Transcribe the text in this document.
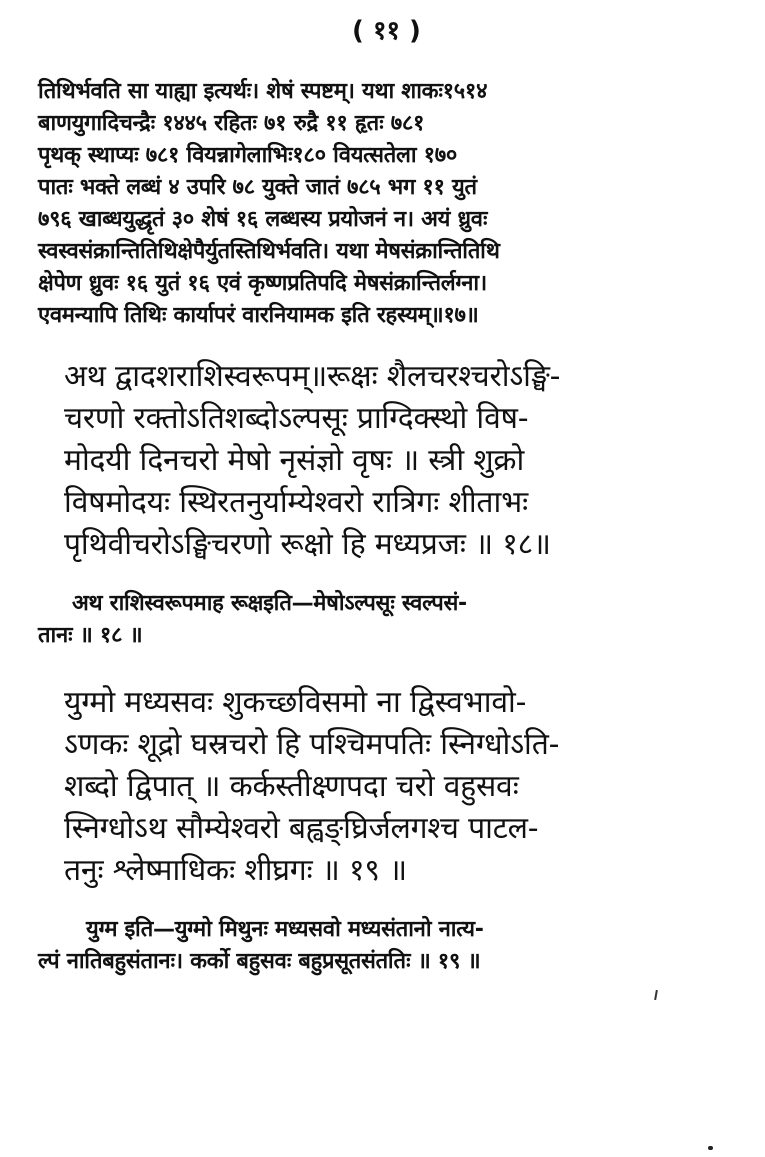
( ११ )

तिथिर्भवति सा याह्या इत्यर्थः। शेषं स्पष्टम्। यथा शाकः१५१४

बाणयुगादिचन्द्रैः १४४५ रहितः ७१ रुद्रै ११ हृतः ७८१

पृथक् स्थाप्यः ७८१ वियन्नागेलाभिः१८० वियत्सतेला १७०

पातः भक्ते लब्धं ४ उपरि ७८ युक्ते जातं ७८५ भग ११ युतं

७९६ खाब्धयुद्धृतं ३० शेषं १६ लब्धस्य प्रयोजनं न। अयं ध्रुवः

स्वस्वसंक्रान्तितिथिक्षेपैर्युतस्तिथिर्भवति। यथा मेषसंक्रान्तितिथि

क्षेपेण ध्रुवः १६ युतं १६ एवं कृष्णप्रतिपदि मेषसंक्रान्तिर्लग्ना।

एवमन्यापि तिथिः कार्यापरं वारनियामक इति रहस्यम्॥१७॥

अथ द्वादशराशिस्वरूपम्॥रूक्षः शैलचरश्चरोऽङ्घि-

चरणो रक्तोऽतिशब्दोऽल्पसूः प्राग्दिक्स्थो विष-

मोदयी दिनचरो मेषो नृसंज्ञो वृषः ॥ स्त्री शुक्रो

विषमोदयः स्थिरतनुर्याम्येश्वरो रात्रिगः शीताभः

पृथिवीचरोऽङ्घिचरणो रूक्षो हि मध्यप्रजः ॥ १८॥

अथ राशिस्वरूपमाह रूक्षइति—मेषोऽल्पसूः स्वल्पसं-

तानः ॥ १८ ॥

युग्मो मध्यसवः शुकच्छविसमो ना द्विस्वभावो-

ऽणकः शूद्रो घस्रचरो हि पश्चिमपतिः स्निग्धोऽति-

शब्दो द्विपात् ॥ कर्कस्तीक्ष्णपदा चरो वहुसवः

स्निग्धोऽथ सौम्येश्वरो बह्वङ्घ्रिर्जलगश्च पाटल-

तनुः श्लेष्माधिकः शीघ्रगः ॥ १९ ॥

युग्म इति—युग्मो मिथुनः मध्यसवो मध्यसंतानो नात्य-

ल्पं नातिबहुसंतानः। कर्को बहुसवः बहुप्रसूतसंततिः ॥ १९ ॥
